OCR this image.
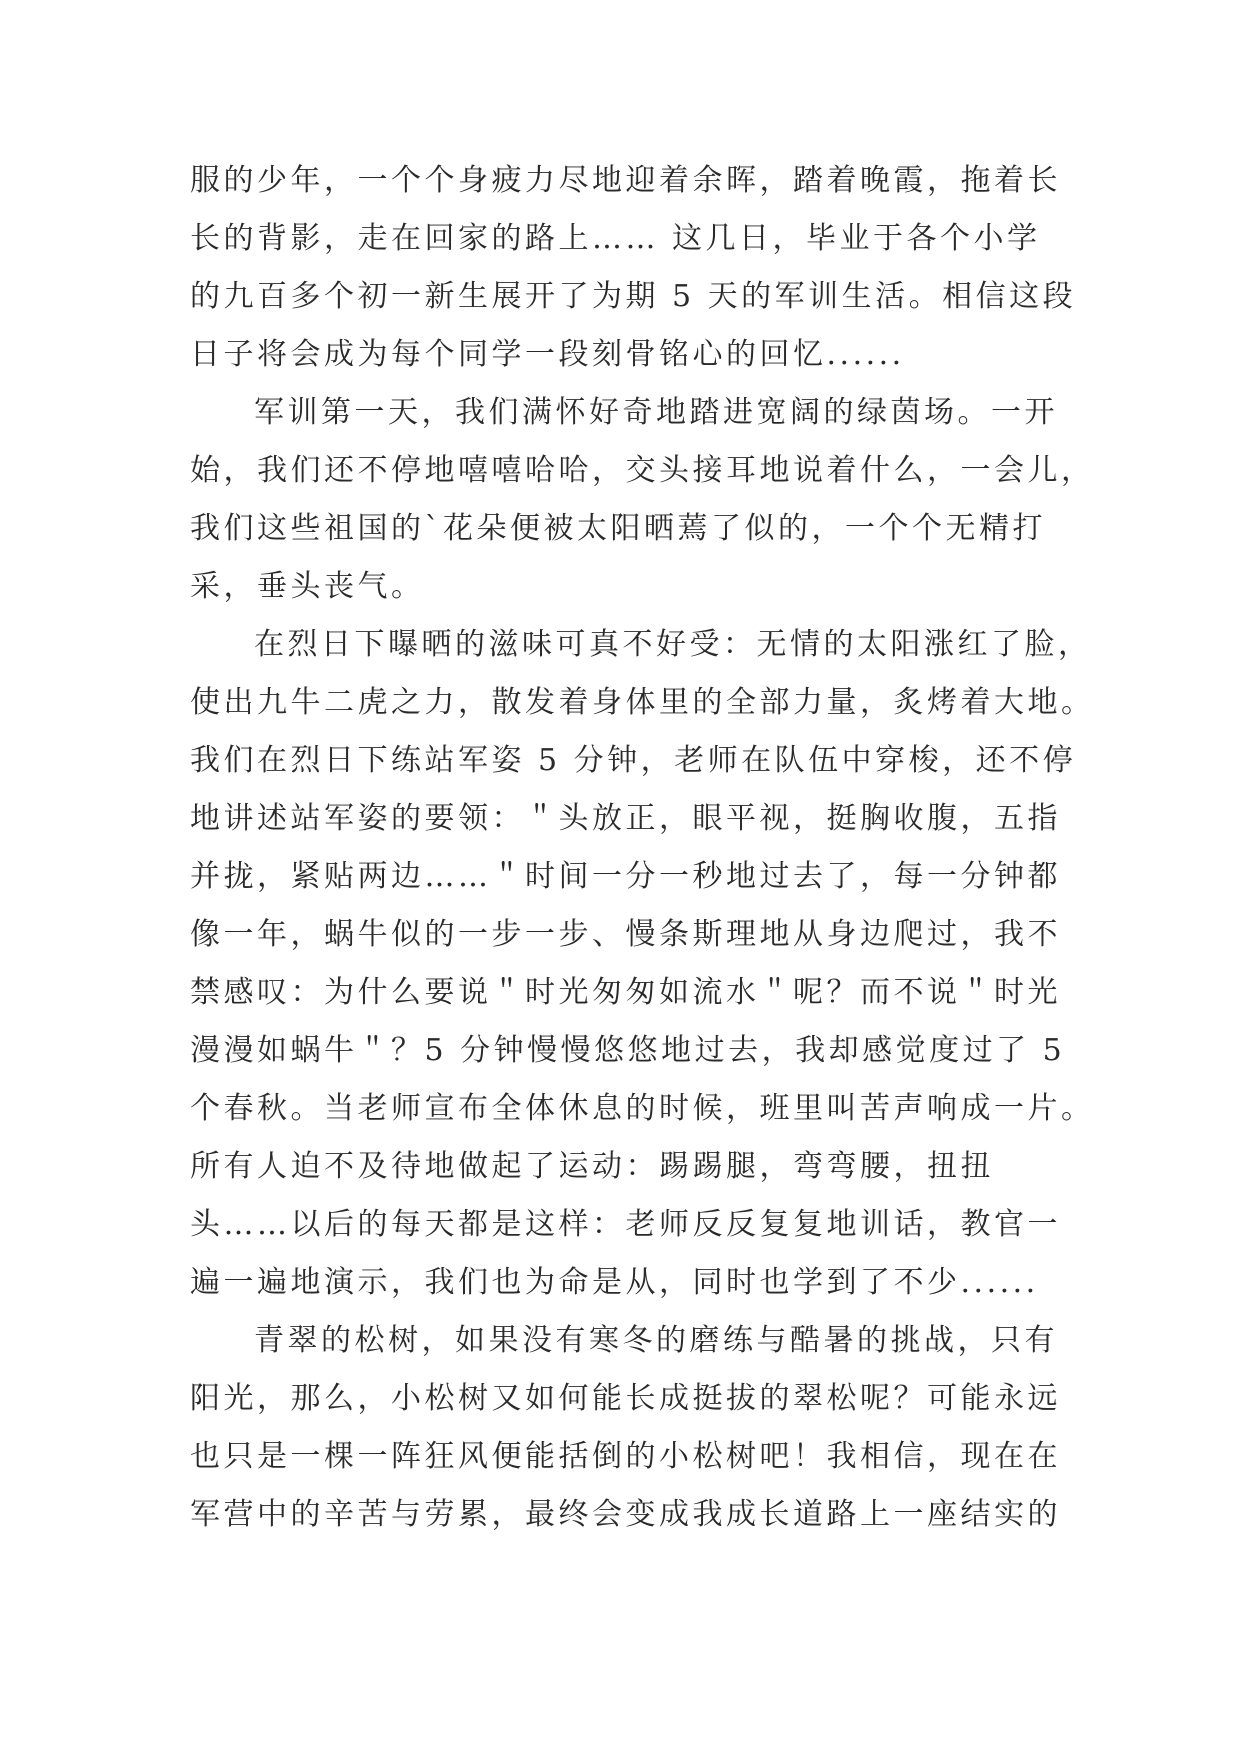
服的少年，一个个身疲力尽地迎着余晖，踏着晚霞，拖着长
长的背影，走在回家的路上…… 这几日，毕业于各个小学
的九百多个初一新生展开了为期 5 天的军训生活。相信这段
日子将会成为每个同学一段刻骨铭心的回忆......
军训第一天，我们满怀好奇地踏进宽阔的绿茵场。一开
始，我们还不停地嘻嘻哈哈，交头接耳地说着什么，一会儿，
我们这些祖国的`花朵便被太阳晒蔫了似的，一个个无精打
采，垂头丧气。
在烈日下曝晒的滋味可真不好受：无情的太阳涨红了脸，
使出九牛二虎之力，散发着身体里的全部力量，炙烤着大地。
我们在烈日下练站军姿 5 分钟，老师在队伍中穿梭，还不停
地讲述站军姿的要领：＂头放正，眼平视，挺胸收腹，五指
并拢，紧贴两边……＂时间一分一秒地过去了，每一分钟都
像一年，蜗牛似的一步一步、慢条斯理地从身边爬过，我不
禁感叹：为什么要说＂时光匆匆如流水＂呢？而不说＂时光
漫漫如蜗牛＂？5 分钟慢慢悠悠地过去，我却感觉度过了 5
个春秋。当老师宣布全体休息的时候，班里叫苦声响成一片。
所有人迫不及待地做起了运动：踢踢腿，弯弯腰，扭扭
头……以后的每天都是这样：老师反反复复地训话，教官一
遍一遍地演示，我们也为命是从，同时也学到了不少......
青翠的松树，如果没有寒冬的磨练与酷暑的挑战，只有
阳光，那么，小松树又如何能长成挺拔的翠松呢？可能永远
也只是一棵一阵狂风便能括倒的小松树吧！我相信，现在在
军营中的辛苦与劳累，最终会变成我成长道路上一座结实的
